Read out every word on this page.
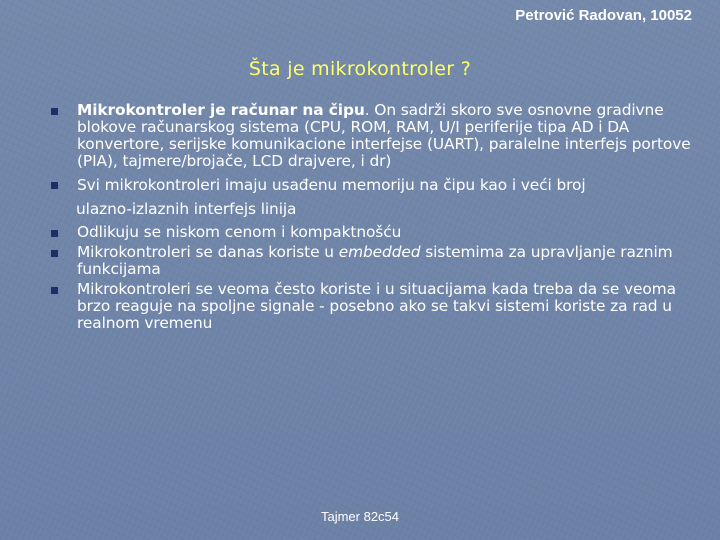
Petrović Radovan, 10052
Šta je mikrokontroler ?
Mikrokontroler je računar na čipu. On sadrži skoro sve osnovne gradivne blokove računarskog sistema (CPU, ROM, RAM, U/I periferije tipa AD i DA konvertore, serijske komunikacione interfejse (UART), paralelne interfejs portove (PIA), tajmere/brojače, LCD drajvere, i dr)
Svi mikrokontroleri imaju usađenu memoriju na čipu kao i veći broj
ulazno-izlaznih interfejs linija
Odlikuju se niskom cenom i kompaktnošću
Mikrokontroleri se danas koriste u embedded sistemima za upravljanje raznim funkcijama
Mikrokontroleri se veoma često koriste i u situacijama kada treba da se veoma brzo reaguje na spoljne signale - posebno ako se takvi sistemi koriste za rad u realnom vremenu
Tajmer 82c54
